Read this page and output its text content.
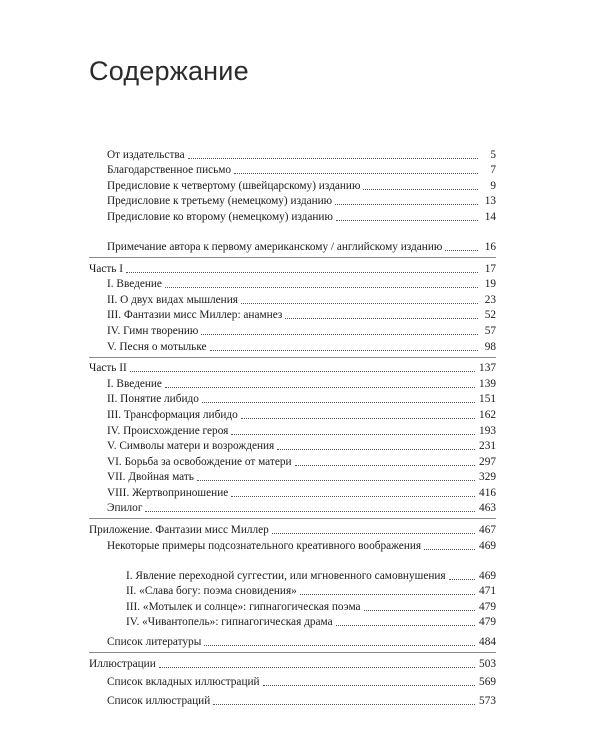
Содержание
От издательства	5
Благодарственное письмо	7
Предисловие к четвертому (швейцарскому) изданию	9
Предисловие к третьему (немецкому) изданию	13
Предисловие ко второму (немецкому) изданию	14
Примечание автора к первому американскому / английскому изданию	16
Часть I	17
I. Введение	19
II. О двух видах мышления	23
III. Фантазии мисс Миллер: анамнез	52
IV. Гимн творению	57
V. Песня о мотыльке	98
Часть II	137
I. Введение	139
II. Понятие либидо	151
III. Трансформация либидо	162
IV. Происхождение героя	193
V. Символы матери и возрождения	231
VI. Борьба за освобождение от матери	297
VII. Двойная мать	329
VIII. Жертвоприношение	416
Эпилог	463
Приложение. Фантазии мисс Миллер	467
Некоторые примеры подсознательного креативного воображения	469
I. Явление переходной суггестии, или мгновенного самовнушения	469
II. «Слава богу: поэма сновидения»	471
III. «Мотылек и солнце»: гипнагогическая поэма	479
IV. «Чивантопель»: гипнагогическая драма	479
Список литературы	484
Иллюстрации	503
Список вкладных иллюстраций	569
Список иллюстраций	573
